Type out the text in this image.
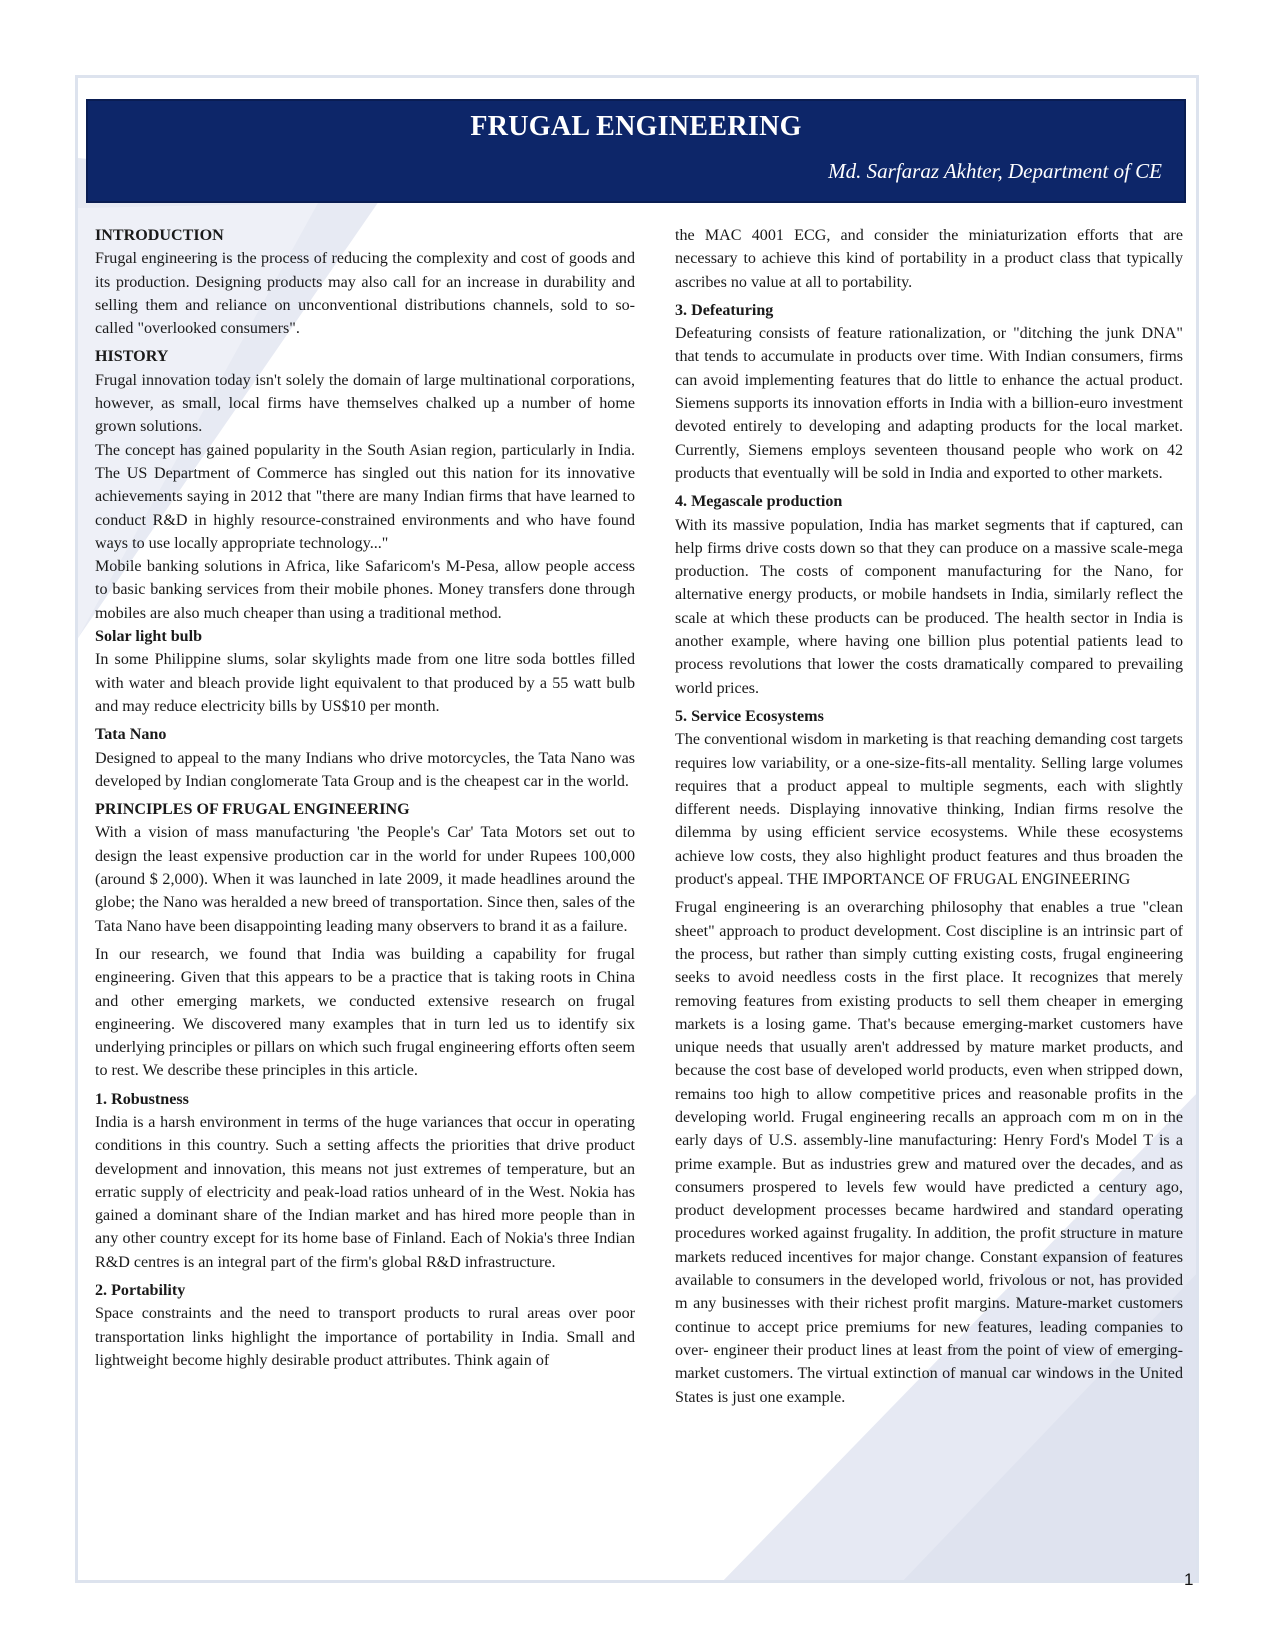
FRUGAL ENGINEERING
Md. Sarfaraz Akhter, Department of CE
INTRODUCTION

Frugal engineering is the process of reducing the complexity and cost of goods and its production. Designing products may also call for an increase in durability and selling them and reliance on unconventional distributions channels, sold to so-called "overlooked consumers".

HISTORY

Frugal innovation today isn't solely the domain of large multinational corporations, however, as small, local firms have themselves chalked up a number of home grown solutions.

The concept has gained popularity in the South Asian region, particularly in India. The US Department of Commerce has singled out this nation for its innovative achievements saying in 2012 that "there are many Indian firms that have learned to conduct R&D in highly resource-constrained environments and who have found ways to use locally appropriate technology..."

Mobile banking solutions in Africa, like Safaricom's M-Pesa, allow people access to basic banking services from their mobile phones. Money transfers done through mobiles are also much cheaper than using a traditional method.

Solar light bulb

In some Philippine slums, solar skylights made from one litre soda bottles filled with water and bleach provide light equivalent to that produced by a 55 watt bulb and may reduce electricity bills by US$10 per month.

Tata Nano

Designed to appeal to the many Indians who drive motorcycles, the Tata Nano was developed by Indian conglomerate Tata Group and is the cheapest car in the world.

PRINCIPLES OF FRUGAL ENGINEERING

With a vision of mass manufacturing 'the People's Car' Tata Motors set out to design the least expensive production car in the world for under Rupees 100,000 (around $ 2,000). When it was launched in late 2009, it made headlines around the globe; the Nano was heralded a new breed of transportation. Since then, sales of the Tata Nano have been disappointing leading many observers to brand it as a failure.

In our research, we found that India was building a capability for frugal engineering. Given that this appears to be a practice that is taking roots in China and other emerging markets, we conducted extensive research on frugal engineering. We discovered many examples that in turn led us to identify six underlying principles or pillars on which such frugal engineering efforts often seem to rest. We describe these principles in this article.

1. Robustness

India is a harsh environment in terms of the huge variances that occur in operating conditions in this country. Such a setting affects the priorities that drive product development and innovation, this means not just extremes of temperature, but an erratic supply of electricity and peak-load ratios unheard of in the West. Nokia has gained a dominant share of the Indian market and has hired more people than in any other country except for its home base of Finland. Each of Nokia's three Indian R&D centres is an integral part of the firm's global R&D infrastructure.

2. Portability

Space constraints and the need to transport products to rural areas over poor transportation links highlight the importance of portability in India. Small and lightweight become highly desirable product attributes. Think again of

the MAC 4001 ECG, and consider the miniaturization efforts that are necessary to achieve this kind of portability in a product class that typically ascribes no value at all to portability.

3. Defeaturing

Defeaturing consists of feature rationalization, or "ditching the junk DNA" that tends to accumulate in products over time. With Indian consumers, firms can avoid implementing features that do little to enhance the actual product. Siemens supports its innovation efforts in India with a billion-euro investment devoted entirely to developing and adapting products for the local market. Currently, Siemens employs seventeen thousand people who work on 42 products that eventually will be sold in India and exported to other markets.

4. Megascale production

With its massive population, India has market segments that if captured, can help firms drive costs down so that they can produce on a massive scale-mega production. The costs of component manufacturing for the Nano, for alternative energy products, or mobile handsets in India, similarly reflect the scale at which these products can be produced. The health sector in India is another example, where having one billion plus potential patients lead to process revolutions that lower the costs dramatically compared to prevailing world prices.

5. Service Ecosystems

The conventional wisdom in marketing is that reaching demanding cost targets requires low variability, or a one-size-fits-all mentality. Selling large volumes requires that a product appeal to multiple segments, each with slightly different needs. Displaying innovative thinking, Indian firms resolve the dilemma by using efficient service ecosystems. While these ecosystems achieve low costs, they also highlight product features and thus broaden the product's appeal. THE IMPORTANCE OF FRUGAL ENGINEERING

Frugal engineering is an overarching philosophy that enables a true "clean sheet" approach to product development. Cost discipline is an intrinsic part of the process, but rather than simply cutting existing costs, frugal engineering seeks to avoid needless costs in the first place. It recognizes that merely removing features from existing products to sell them cheaper in emerging markets is a losing game. That's because emerging-market customers have unique needs that usually aren't addressed by mature market products, and because the cost base of developed world products, even when stripped down, remains too high to allow competitive prices and reasonable profits in the developing world. Frugal engineering recalls an approach com m on in the early days of U.S. assembly-line manufacturing: Henry Ford's Model T is a prime example. But as industries grew and matured over the decades, and as consumers prospered to levels few would have predicted a century ago, product development processes became hardwired and standard operating procedures worked against frugality. In addition, the profit structure in mature markets reduced incentives for major change. Constant expansion of features available to consumers in the developed world, frivolous or not, has provided m any businesses with their richest profit margins. Mature-market customers continue to accept price premiums for new features, leading companies to over- engineer their product lines at least from the point of view of emerging-market customers. The virtual extinction of manual car windows in the United States is just one example.

1
